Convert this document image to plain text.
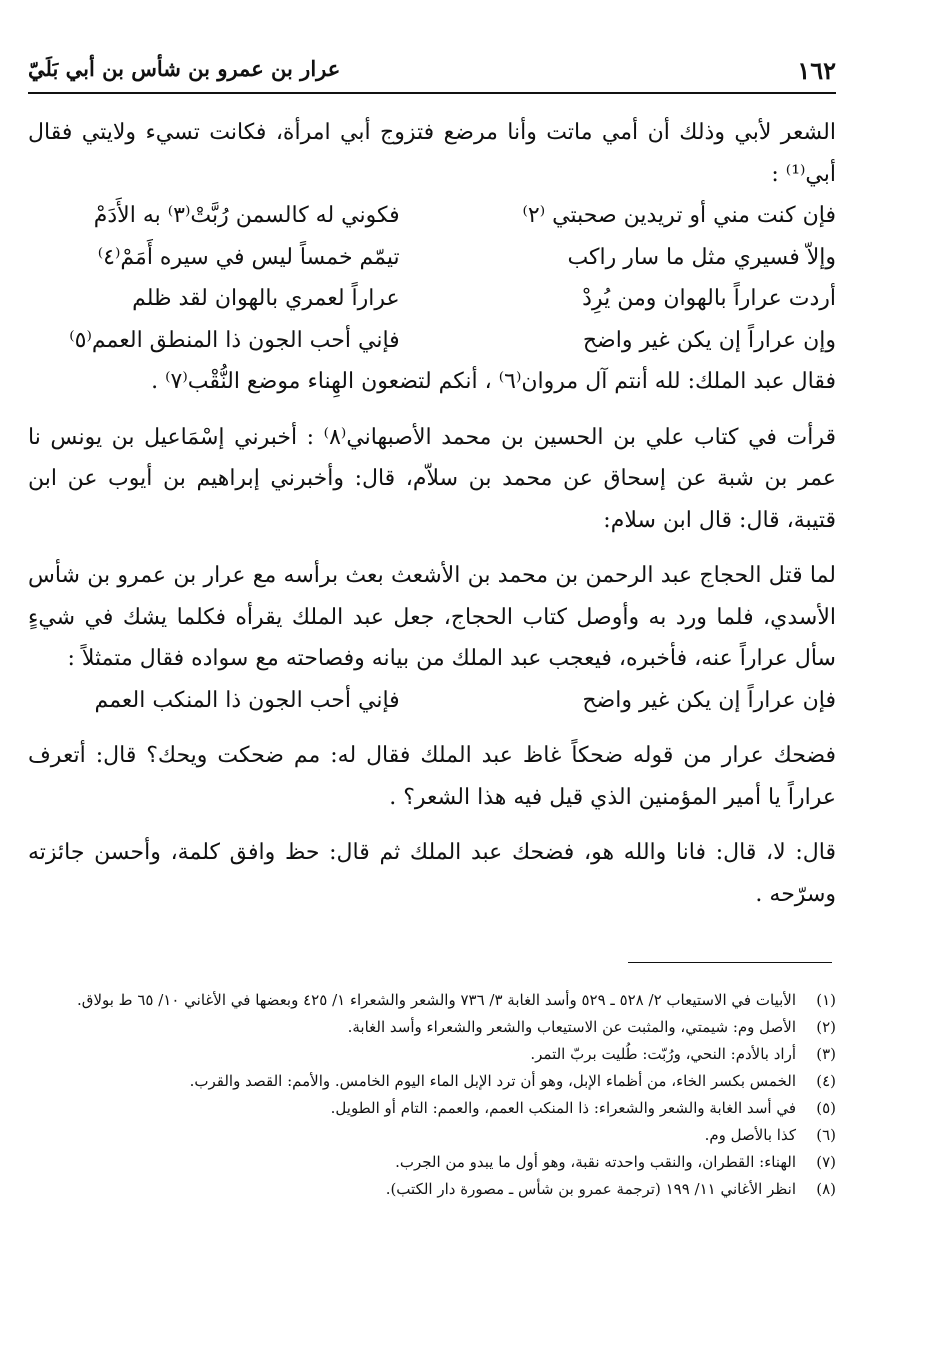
١٦٢
عرار بن عمرو بن شأس بن أبي بَلَيّ

الشعر لأبي وذلك أن أمي ماتت وأنا مرضع فتزوج أبي امرأة، فكانت تسيء ولايتي فقال أبي⁽¹⁾ :

فإن كنت مني أو تريدين صحبتي ⁽٢⁾
فكوني له كالسمن رُبَّتْ⁽٣⁾ به الأَدَمْ
وإلاّ فسيري مثل ما سار راكب
تيمّم خمساً ليس في سيره أَمَمْ⁽٤⁾
أردت عراراً بالهوان ومن يُرِدْ
عراراً لعمري بالهوان لقد ظلم
وإن عراراً إن يكن غير واضح
فإني أحب الجون ذا المنطق العمم⁽٥⁾

فقال عبد الملك: لله أنتم آل مروان⁽٦⁾ ، أنكم لتضعون الهِناء موضع النُّقْب⁽٧⁾ .

قرأت في كتاب علي بن الحسين بن محمد الأصبهاني⁽٨⁾ : أخبرني إسْمَاعيل بن يونس نا عمر بن شبة عن إسحاق عن محمد بن سلاّم، قال: وأخبرني إبراهيم بن أيوب عن ابن قتيبة، قال: قال ابن سلام:

لما قتل الحجاج عبد الرحمن بن محمد بن الأشعث بعث برأسه مع عرار بن عمرو بن شأس الأسدي، فلما ورد به وأوصل كتاب الحجاج، جعل عبد الملك يقرأه فكلما يشك في شيءٍ سأل عراراً عنه، فأخبره، فيعجب عبد الملك من بيانه وفصاحته مع سواده فقال متمثلاً :

فإن عراراً إن يكن غير واضح
فإني أحب الجون ذا المنكب العمم

فضحك عرار من قوله ضحكاً غاظ عبد الملك فقال له: مم ضحكت ويحك؟ قال: أتعرف عراراً يا أمير المؤمنين الذي قيل فيه هذا الشعر؟ .

قال: لا، قال: فانا والله هو، فضحك عبد الملك ثم قال: حظ وافق كلمة، وأحسن جائزته وسرّحه .

(١)
الأبيات في الاستيعاب ٢/ ٥٢٨ ـ ٥٢٩ وأسد الغابة ٣/ ٧٣٦ والشعر والشعراء ١/ ٤٢٥ وبعضها في الأغاني ١٠/ ٦٥ ط بولاق.
(٢)
الأصل وم: شيمتي، والمثبت عن الاستيعاب والشعر والشعراء وأسد الغابة.
(٣)
أراد بالأدم: النحي، ورُبّت: طُليت بربّ التمر.
(٤)
الخمس بكسر الخاء، من أظماء الإبل، وهو أن ترد الإبل الماء اليوم الخامس. والأمم: القصد والقرب.
(٥)
في أسد الغابة والشعر والشعراء: ذا المنكب العمم، والعمم: التام أو الطويل.
(٦)
كذا بالأصل وم.
(٧)
الهناء: القطران، والنقب واحدته نقبة، وهو أول ما يبدو من الجرب.
(٨)
انظر الأغاني ١١/ ١٩٩ (ترجمة عمرو بن شأس ـ مصورة دار الكتب).
